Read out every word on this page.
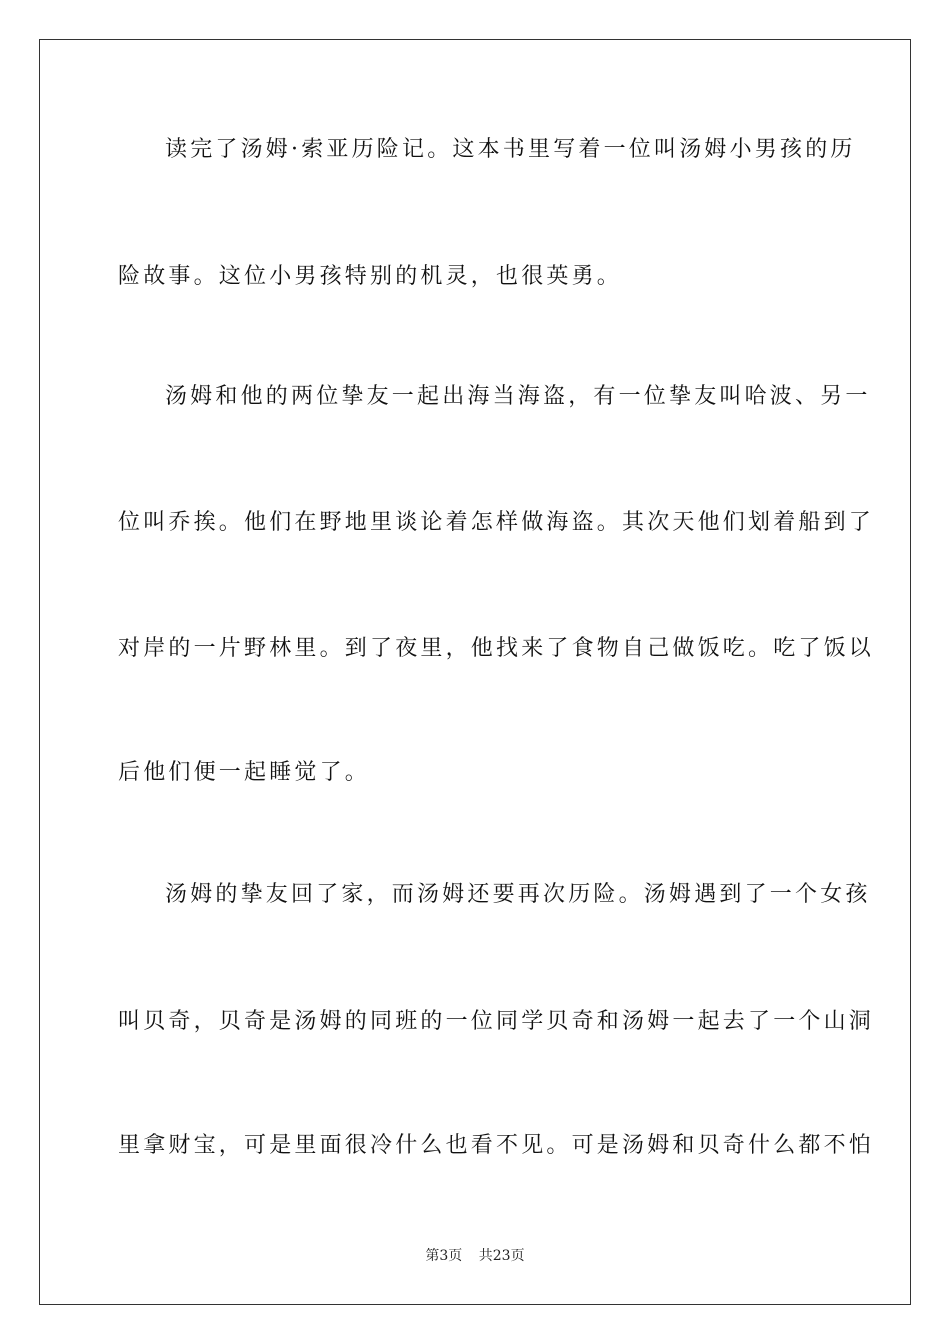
读完了汤姆·索亚历险记。这本书里写着一位叫汤姆小男孩的历
险故事。这位小男孩特别的机灵，也很英勇。
汤姆和他的两位挚友一起出海当海盗，有一位挚友叫哈波、另一
位叫乔挨。他们在野地里谈论着怎样做海盗。其次天他们划着船到了
对岸的一片野林里。到了夜里，他找来了食物自己做饭吃。吃了饭以
后他们便一起睡觉了。
汤姆的挚友回了家，而汤姆还要再次历险。汤姆遇到了一个女孩
叫贝奇，贝奇是汤姆的同班的一位同学贝奇和汤姆一起去了一个山洞
里拿财宝，可是里面很冷什么也看不见。可是汤姆和贝奇什么都不怕
第3页 共23页
